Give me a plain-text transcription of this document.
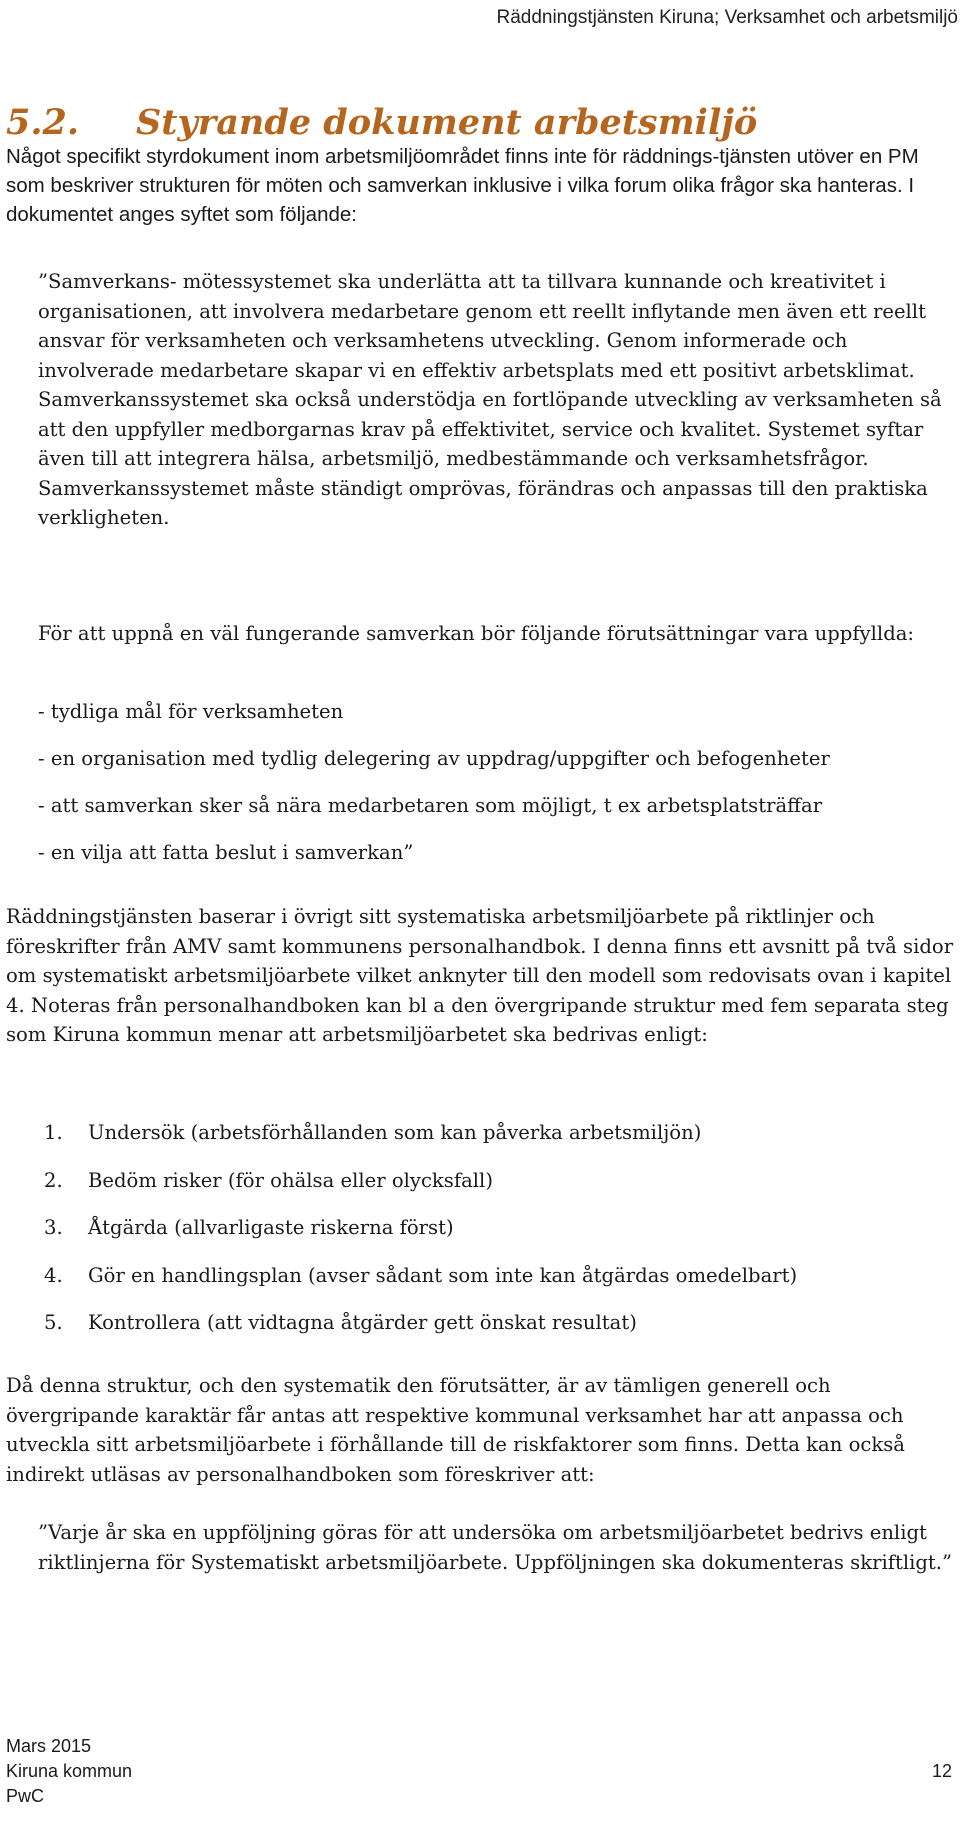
Räddningstjänsten Kiruna; Verksamhet och arbetsmiljö
5.2. Styrande dokument arbetsmiljö
Något specifikt styrdokument inom arbetsmiljöområdet finns inte för räddnings-tjänsten utöver en PM som beskriver strukturen för möten och samverkan inklusive i vilka forum olika frågor ska hanteras. I dokumentet anges syftet som följande:
”Samverkans- mötessystemet ska underlätta att ta tillvara kunnande och kreativitet i organisationen, att involvera medarbetare genom ett reellt inflytande men även ett reellt ansvar för verksamheten och verksamhetens utveckling. Genom informerade och involverade medarbetare skapar vi en effektiv arbetsplats med ett positivt arbetsklimat. Samverkanssystemet ska också understödja en fortlöpande utveckling av verksamheten så att den uppfyller medborgarnas krav på effektivitet, service och kvalitet. Systemet syftar även till att integrera hälsa, arbetsmiljö, medbestämmande och verksamhetsfrågor. Samverkanssystemet måste ständigt omprövas, förändras och anpassas till den praktiska verkligheten.
För att uppnå en väl fungerande samverkan bör följande förutsättningar vara uppfyllda:
- tydliga mål för verksamheten
- en organisation med tydlig delegering av uppdrag/uppgifter och befogenheter
- att samverkan sker så nära medarbetaren som möjligt, t ex arbetsplatsträffar
- en vilja att fatta beslut i samverkan”
Räddningstjänsten baserar i övrigt sitt systematiska arbetsmiljöarbete på riktlinjer och föreskrifter från AMV samt kommunens personalhandbok. I denna finns ett avsnitt på två sidor om systematiskt arbetsmiljöarbete vilket anknyter till den modell som redovisats ovan i kapitel 4. Noteras från personalhandboken kan bl a den övergripande struktur med fem separata steg som Kiruna kommun menar att arbetsmiljöarbetet ska bedrivas enligt:
1. Undersök (arbetsförhållanden som kan påverka arbetsmiljön)
2. Bedöm risker (för ohälsa eller olycksfall)
3. Åtgärda (allvarligaste riskerna först)
4. Gör en handlingsplan (avser sådant som inte kan åtgärdas omedelbart)
5. Kontrollera (att vidtagna åtgärder gett önskat resultat)
Då denna struktur, och den systematik den förutsätter, är av tämligen generell och övergripande karaktär får antas att respektive kommunal verksamhet har att anpassa och utveckla sitt arbetsmiljöarbete i förhållande till de riskfaktorer som finns. Detta kan också indirekt utläsas av personalhandboken som föreskriver att:
”Varje år ska en uppföljning göras för att undersöka om arbetsmiljöarbetet bedrivs enligt riktlinjerna för Systematiskt arbetsmiljöarbete. Uppföljningen ska dokumenteras skriftligt.”
Mars 2015
Kiruna kommun
PwC
12
